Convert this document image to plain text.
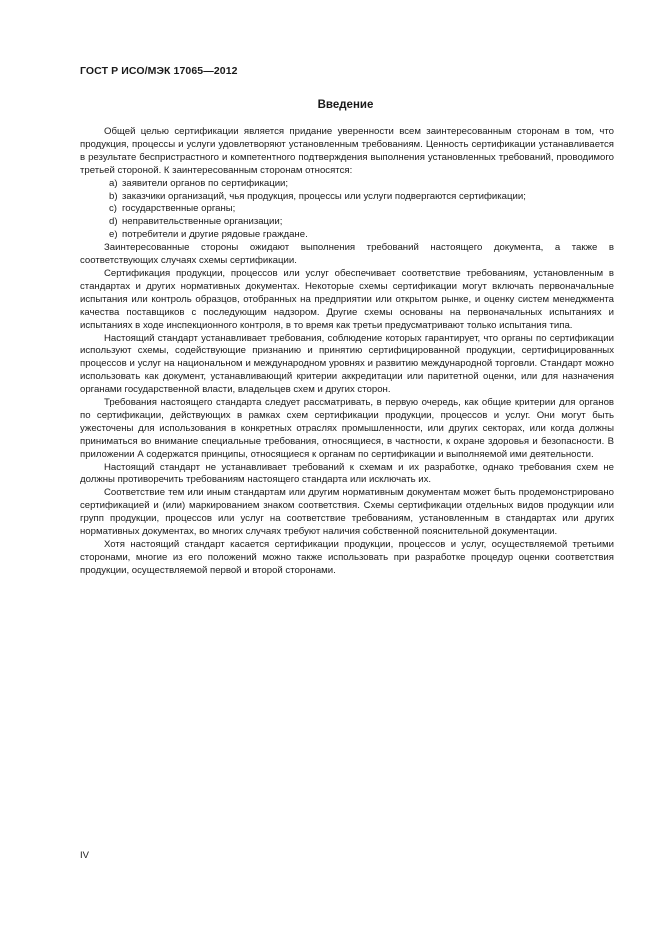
ГОСТ Р ИСО/МЭК 17065—2012
Введение

Общей целью сертификации является придание уверенности всем заинтересованным сторонам в том, что продукция, процессы и услуги удовлетворяют установленным требованиям. Ценность сертификации устанавливается в результате беспристрастного и компетентного подтверждения выполнения установленных требований, проводимого третьей стороной. К заинтересованным сторонам относятся:

a) заявители органов по сертификации;
b) заказчики организаций, чья продукция, процессы или услуги подвергаются сертификации;
c) государственные органы;
d) неправительственные организации;
e) потребители и другие рядовые граждане.

Заинтересованные стороны ожидают выполнения требований настоящего документа, а также в соответствующих случаях схемы сертификации.

Сертификация продукции, процессов или услуг обеспечивает соответствие требованиям, установленным в стандартах и других нормативных документах. Некоторые схемы сертификации могут включать первоначальные испытания или контроль образцов, отобранных на предприятии или открытом рынке, и оценку систем менеджмента качества поставщиков с последующим надзором. Другие схемы основаны на первоначальных испытаниях и испытаниях в ходе инспекционного контроля, в то время как третьи предусматривают только испытания типа.

Настоящий стандарт устанавливает требования, соблюдение которых гарантирует, что органы по сертификации используют схемы, содействующие признанию и принятию сертифицированной продукции, сертифицированных процессов и услуг на национальном и международном уровнях и развитию международной торговли. Стандарт можно использовать как документ, устанавливающий критерии аккредитации или паритетной оценки, или для назначения органами государственной власти, владельцев схем и других сторон.

Требования настоящего стандарта следует рассматривать, в первую очередь, как общие критерии для органов по сертификации, действующих в рамках схем сертификации продукции, процессов и услуг. Они могут быть ужесточены для использования в конкретных отраслях промышленности, или других секторах, или когда должны приниматься во внимание специальные требования, относящиеся, в частности, к охране здоровья и безопасности. В приложении А содержатся принципы, относящиеся к органам по сертификации и выполняемой ими деятельности.

Настоящий стандарт не устанавливает требований к схемам и их разработке, однако требования схем не должны противоречить требованиям настоящего стандарта или исключать их.

Соответствие тем или иным стандартам или другим нормативным документам может быть продемонстрировано сертификацией и (или) маркированием знаком соответствия. Схемы сертификации отдельных видов продукции или групп продукции, процессов или услуг на соответствие требованиям, установленным в стандартах или других нормативных документах, во многих случаях требуют наличия собственной пояснительной документации.

Хотя настоящий стандарт касается сертификации продукции, процессов и услуг, осуществляемой третьими сторонами, многие из его положений можно также использовать при разработке процедур оценки соответствия продукции, осуществляемой первой и второй сторонами.

IV
